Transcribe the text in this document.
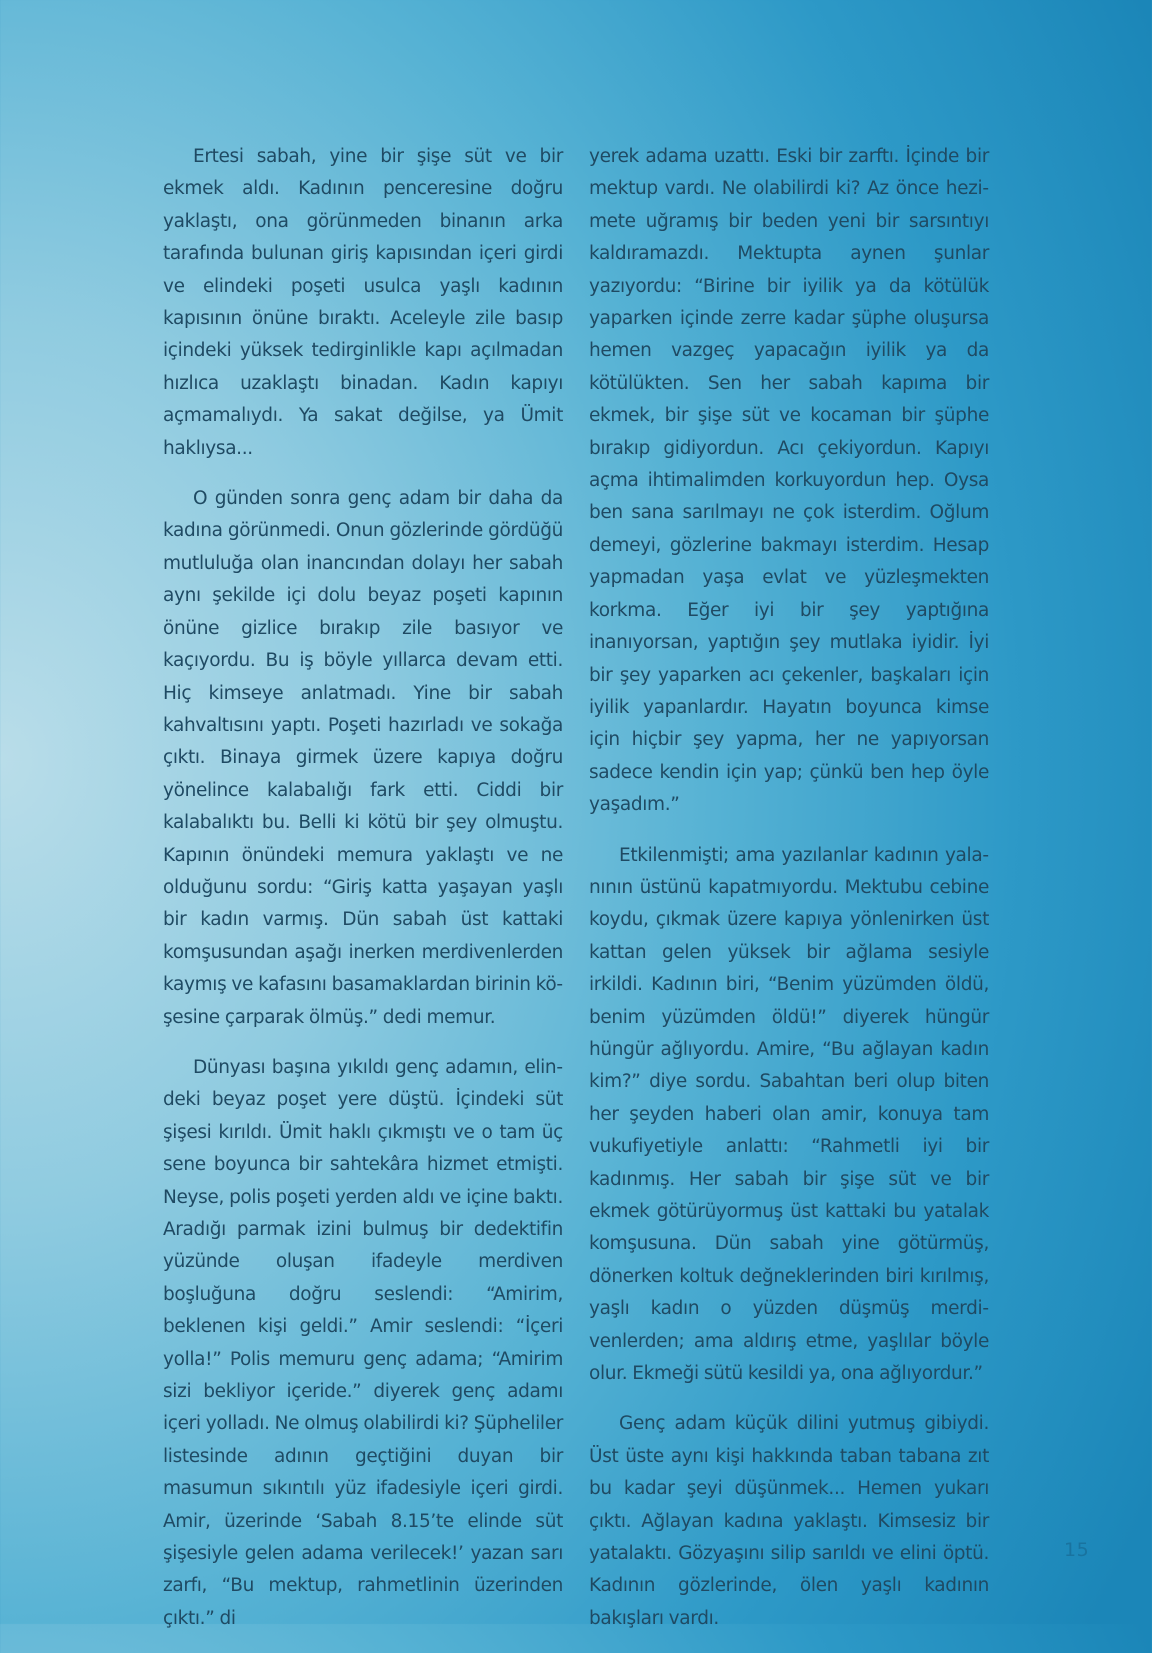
Ertesi sabah, yine bir şişe süt ve bir ekmek aldı. Kadının penceresine doğru yaklaştı, ona görünmeden binanın arka tarafında bulunan giriş kapısından içeri girdi ve elindeki poşeti usulca yaşlı kadının kapısının önüne bıraktı. Aceleyle zile basıp içindeki yüksek tedirginlikle kapı açılmadan hızlıca uzaklaştı binadan. Kadın kapıyı açmamalıydı. Ya sakat değilse, ya Ümit haklıysa...

O günden sonra genç adam bir daha da kadına görünmedi. Onun gözlerinde gördüğü mutluluğa olan inancından dolayı her sabah aynı şekilde içi dolu beyaz poşeti kapının önüne gizlice bırakıp zile basıyor ve kaçıyordu. Bu iş böyle yıllarca devam etti. Hiç kimseye anlatmadı. Yine bir sabah kahvaltısını yaptı. Poşeti hazırladı ve sokağa çıktı. Binaya girmek üzere kapıya doğru yönelince kalabalığı fark etti. Ciddi bir kalabalıktı bu. Belli ki kötü bir şey olmuştu. Kapının önündeki memura yaklaştı ve ne olduğunu sordu: “Giriş katta yaşayan yaşlı bir kadın varmış. Dün sabah üst kattaki komşusundan aşağı inerken merdivenlerden kaymış ve kafasını basamaklardan birinin köşesine çarparak ölmüş.” dedi memur.

Dünyası başına yıkıldı genç adamın, elindeki beyaz poşet yere düştü. İçindeki süt şişesi kırıldı. Ümit haklı çıkmıştı ve o tam üç sene boyunca bir sahtekâra hizmet etmişti. Neyse, polis poşeti yerden aldı ve içine baktı. Aradığı parmak izini bulmuş bir dedektifin yüzünde oluşan ifadeyle merdiven boşluğuna doğru seslendi: “Amirim, beklenen kişi geldi.” Amir seslendi: “İçeri yolla!” Polis memuru genç adama; “Amirim sizi bekliyor içeride.” diyerek genç adamı içeri yolladı. Ne olmuş olabilirdi ki? Şüpheliler listesinde adının geçtiğini duyan bir masumun sıkıntılı yüz ifadesiyle içeri girdi. Amir, üzerinde ‘Sabah 8.15’te elinde süt şişesiyle gelen adama verilecek!’ yazan sarı zarfı, “Bu mektup, rahmetlinin üzerinden çıktı.” di

yerek adama uzattı. Eski bir zarftı. İçinde bir mektup vardı. Ne olabilirdi ki? Az önce hezimete uğramış bir beden yeni bir sarsıntıyı kaldıramazdı. Mektupta aynen şunlar yazıyordu: “Birine bir iyilik ya da kötülük yaparken içinde zerre kadar şüphe oluşursa hemen vazgeç yapacağın iyilik ya da kötülükten. Sen her sabah kapıma bir ekmek, bir şişe süt ve kocaman bir şüphe bırakıp gidiyordun. Acı çekiyordun. Kapıyı açma ihtimalimden korkuyordun hep. Oysa ben sana sarılmayı ne çok isterdim. Oğlum demeyi, gözlerine bakmayı isterdim. Hesap yapmadan yaşa evlat ve yüzleşmekten korkma. Eğer iyi bir şey yaptığına inanıyorsan, yaptığın şey mutlaka iyidir. İyi bir şey yaparken acı çekenler, başkaları için iyilik yapanlardır. Hayatın boyunca kimse için hiçbir şey yapma, her ne yapıyorsan sadece kendin için yap; çünkü ben hep öyle yaşadım.”

Etkilenmişti; ama yazılanlar kadının yalanının üstünü kapatmıyordu. Mektubu cebine koydu, çıkmak üzere kapıya yönlenirken üst kattan gelen yüksek bir ağlama sesiyle irkildi. Kadının biri, “Benim yüzümden öldü, benim yüzümden öldü!” diyerek hüngür hüngür ağlıyordu. Amire, “Bu ağlayan kadın kim?” diye sordu. Sabahtan beri olup biten her şeyden haberi olan amir, konuya tam vukufiyetiyle anlattı: “Rahmetli iyi bir kadınmış. Her sabah bir şişe süt ve bir ekmek götürüyormuş üst kattaki bu yatalak komşusuna. Dün sabah yine götürmüş, dönerken koltuk değneklerinden biri kırılmış, yaşlı kadın o yüzden düşmüş merdivenlerden; ama aldırış etme, yaşlılar böyle olur. Ekmeği sütü kesildi ya, ona ağlıyordur.”

Genç adam küçük dilini yutmuş gibiydi. Üst üste aynı kişi hakkında taban tabana zıt bu kadar şeyi düşünmek... Hemen yukarı çıktı. Ağlayan kadına yaklaştı. Kimsesiz bir yatalaktı. Gözyaşını silip sarıldı ve elini öptü. Kadının gözlerinde, ölen yaşlı kadının bakışları vardı.

15
